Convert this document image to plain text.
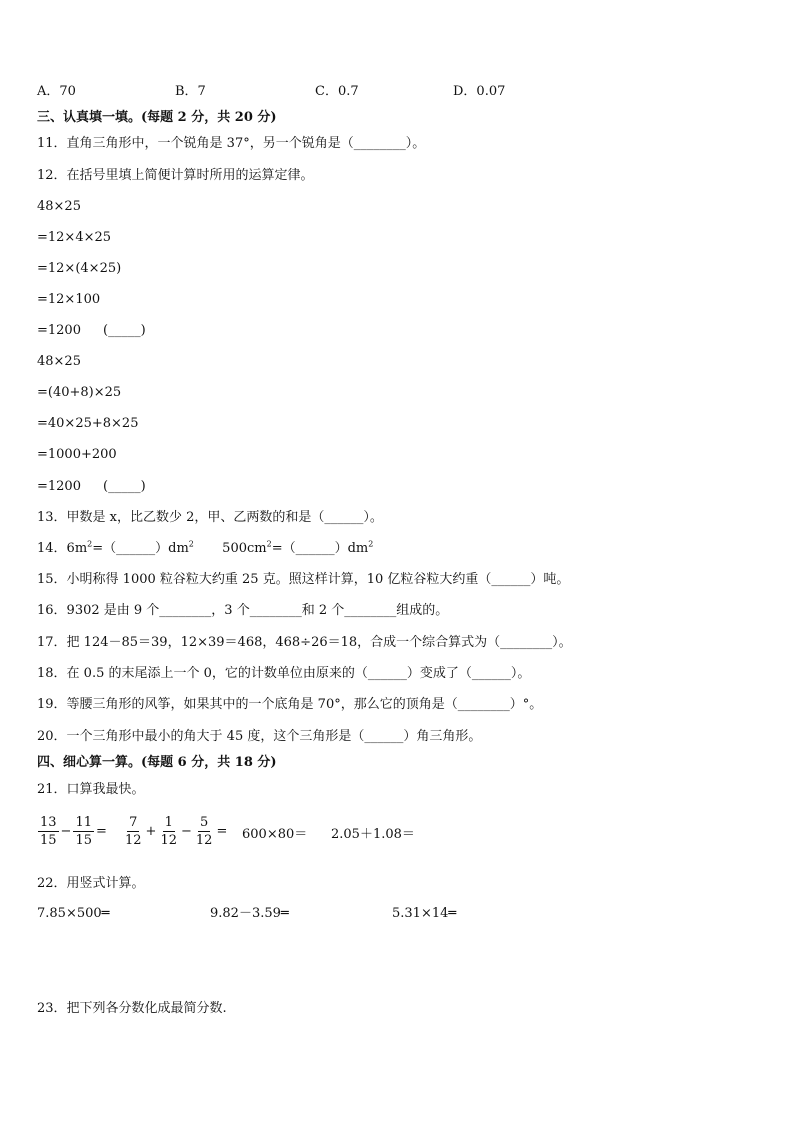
A．70	B．7	C．0.7	D．0.07
三、认真填一填。(每题 2 分，共 20 分)
11．直角三角形中，一个锐角是 37°，另一个锐角是（________）。
12．在括号里填上简便计算时所用的运算定律。
48×25
=12×4×25
=12×(4×25)
=12×100
=1200 (_____)
48×25
=(40+8)×25
=40×25+8×25
=1000+200
=1200 (_____)
13．甲数是 x，比乙数少 2，甲、乙两数的和是（______）。
14．$6m^2=(\_\_\_\_\_\_)dm^2$ $500cm^2=(\_\_\_\_\_\_)dm^2$
15．小明称得 1000 粒谷粒大约重 25 克。照这样计算，10 亿粒谷粒大约重（______）吨。
16．9302 是由 9 个________，3 个________和 2 个________组成的。
17．把 124－85＝39，12×39＝468，468÷26＝18，合成一个综合算式为（________）。
18．在 0.5 的末尾添上一个 0，它的计数单位由原来的（______）变成了（______）。
19．等腰三角形的风筝，如果其中的一个底角是 70°，那么它的顶角是（________）°。
20．一个三角形中最小的角大于 45 度，这个三角形是（______）角三角形。
四、细心算一算。(每题 6 分，共 18 分)
21．口算我最快。
$\frac{13}{15} - \frac{11}{15} = \frac{7}{12} + \frac{1}{12} - \frac{5}{12} = 600\times 80= 2.05+1.08=$
22．用竖式计算。
7.85×500═	9.82－3.59═	5.31×14═
23．把下列各分数化成最简分数.
